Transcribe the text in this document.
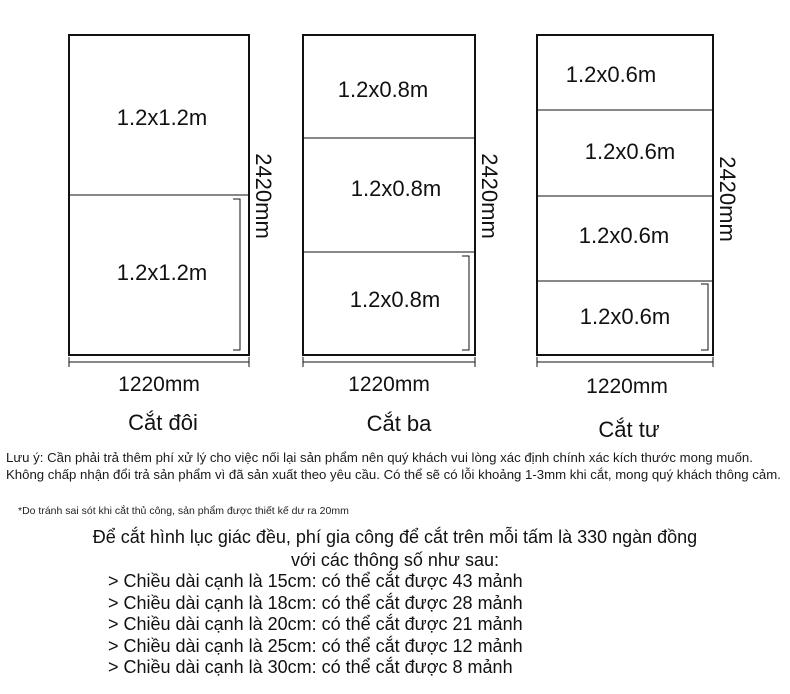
1.2x1.2m
1.2x1.2m
1.2x0.8m
1.2x0.8m
1.2x0.8m
1.2x0.6m
1.2x0.6m
1.2x0.6m
1.2x0.6m
2420mm	2420mm	2420mm
1220mm	1220mm	1220mm
Cắt đôi	Cắt ba	Cắt tư
Lưu ý: Cần phải trả thêm phí xử lý cho việc nối lại sản phẩm nên quý khách vui lòng xác định chính xác kích thước mong muốn. Không chấp nhận đổi trả sản phẩm vì đã sản xuất theo yêu cầu. Có thể sẽ có lỗi khoảng 1-3mm khi cắt, mong quý khách thông cảm.
*Do tránh sai sót khi cắt thủ công, sản phẩm được thiết kế dư ra 20mm
Để cắt hình lục giác đều, phí gia công để cắt trên mỗi tấm là 330 ngàn đồng
với các thông số như sau:
> Chiều dài cạnh là 15cm: có thể cắt được 43 mảnh
> Chiều dài cạnh là 18cm: có thể cắt được 28 mảnh
> Chiều dài cạnh là 20cm: có thể cắt được 21 mảnh
> Chiều dài cạnh là 25cm: có thể cắt được 12 mảnh
> Chiều dài cạnh là 30cm: có thể cắt được 8 mảnh
